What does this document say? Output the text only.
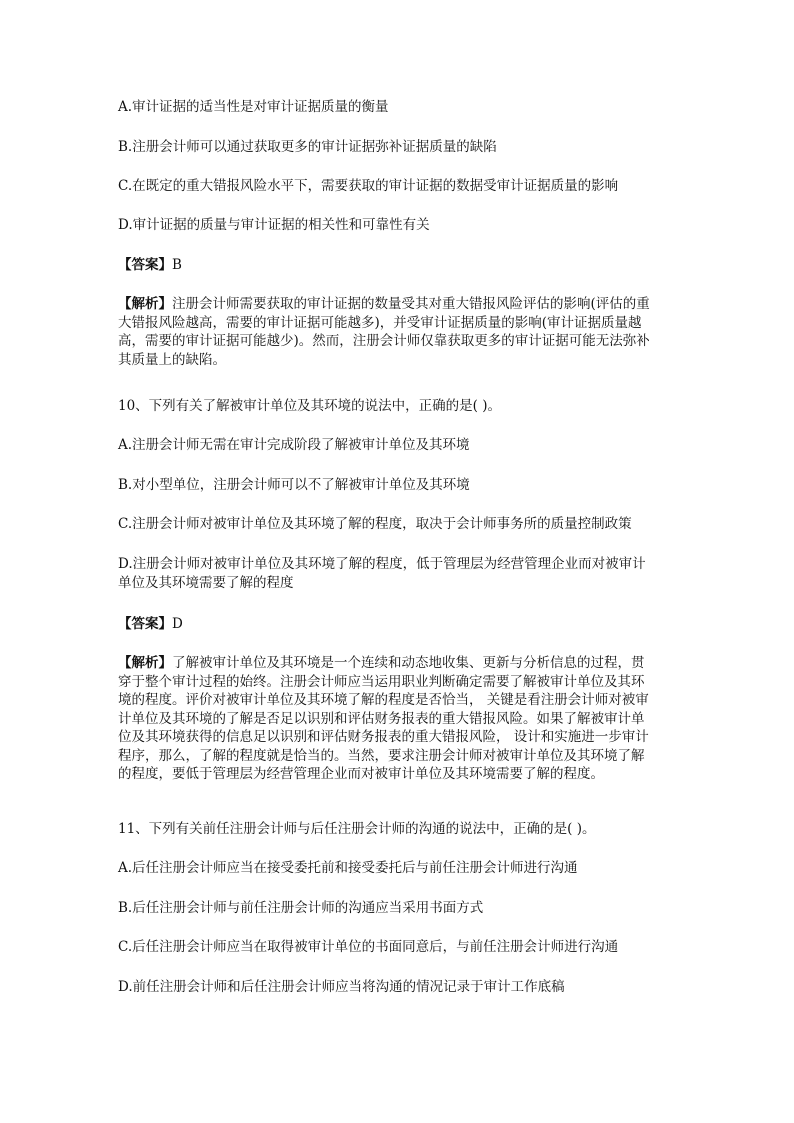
A.审计证据的适当性是对审计证据质量的衡量

B.注册会计师可以通过获取更多的审计证据弥补证据质量的缺陷

C.在既定的重大错报风险水平下，需要获取的审计证据的数据受审计证据质量的影响

D.审计证据的质量与审计证据的相关性和可靠性有关

【答案】B

【解析】注册会计师需要获取的审计证据的数量受其对重大错报风险评估的影响(评估的重

大错报风险越高，需要的审计证据可能越多)，并受审计证据质量的影响(审计证据质量越

高，需要的审计证据可能越少)。然而，注册会计师仅靠获取更多的审计证据可能无法弥补

其质量上的缺陷。

10、下列有关了解被审计单位及其环境的说法中，正确的是( )。

A.注册会计师无需在审计完成阶段了解被审计单位及其环境

B.对小型单位，注册会计师可以不了解被审计单位及其环境

C.注册会计师对被审计单位及其环境了解的程度，取决于会计师事务所的质量控制政策

D.注册会计师对被审计单位及其环境了解的程度，低于管理层为经营管理企业而对被审计

单位及其环境需要了解的程度

【答案】D

【解析】了解被审计单位及其环境是一个连续和动态地收集、更新与分析信息的过程，贯

穿于整个审计过程的始终。注册会计师应当运用职业判断确定需要了解被审计单位及其环

境的程度。评价对被审计单位及其环境了解的程度是否恰当， 关键是看注册会计师对被审

计单位及其环境的了解是否足以识别和评估财务报表的重大错报风险。如果了解被审计单

位及其环境获得的信息足以识别和评估财务报表的重大错报风险， 设计和实施进一步审计

程序，那么，了解的程度就是恰当的。当然，要求注册会计师对被审计单位及其环境了解

的程度，要低于管理层为经营管理企业而对被审计单位及其环境需要了解的程度。

11、下列有关前任注册会计师与后任注册会计师的沟通的说法中，正确的是( )。

A.后任注册会计师应当在接受委托前和接受委托后与前任注册会计师进行沟通

B.后任注册会计师与前任注册会计师的沟通应当采用书面方式

C.后任注册会计师应当在取得被审计单位的书面同意后，与前任注册会计师进行沟通

D.前任注册会计师和后任注册会计师应当将沟通的情况记录于审计工作底稿
